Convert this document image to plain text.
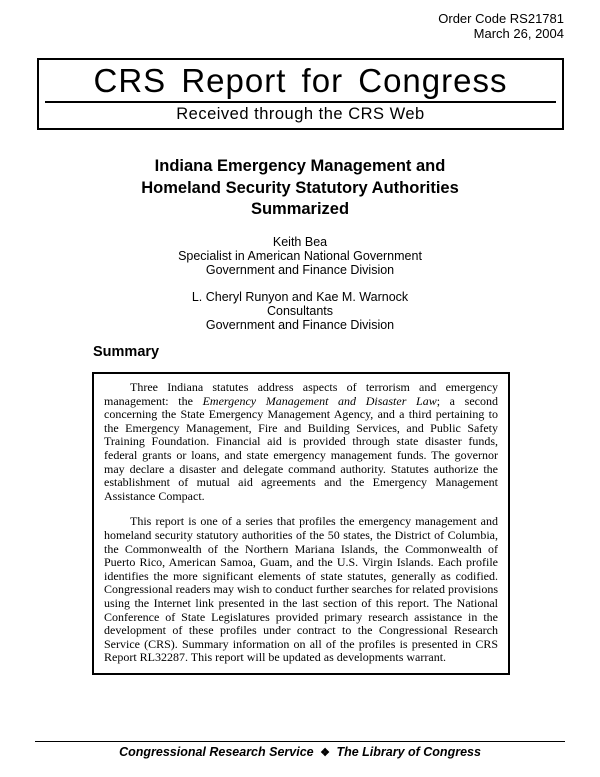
Order Code RS21781
March 26, 2004
CRS Report for Congress
Received through the CRS Web
Indiana Emergency Management and
Homeland Security Statutory Authorities
Summarized
Keith Bea
Specialist in American National Government
Government and Finance Division
L. Cheryl Runyon and Kae M. Warnock
Consultants
Government and Finance Division
Summary

Three Indiana statutes address aspects of terrorism and emergency management: the Emergency Management and Disaster Law; a second concerning the State Emergency Management Agency, and a third pertaining to the Emergency Management, Fire and Building Services, and Public Safety Training Foundation. Financial aid is provided through state disaster funds, federal grants or loans, and state emergency management funds. The governor may declare a disaster and delegate command authority. Statutes authorize the establishment of mutual aid agreements and the Emergency Management Assistance Compact.

This report is one of a series that profiles the emergency management and homeland security statutory authorities of the 50 states, the District of Columbia, the Commonwealth of the Northern Mariana Islands, the Commonwealth of Puerto Rico, American Samoa, Guam, and the U.S. Virgin Islands. Each profile identifies the more significant elements of state statutes, generally as codified. Congressional readers may wish to conduct further searches for related provisions using the Internet link presented in the last section of this report. The National Conference of State Legislatures provided primary research assistance in the development of these profiles under contract to the Congressional Research Service (CRS). Summary information on all of the profiles is presented in CRS Report RL32287. This report will be updated as developments warrant.

Congressional Research Service ❖ The Library of Congress
